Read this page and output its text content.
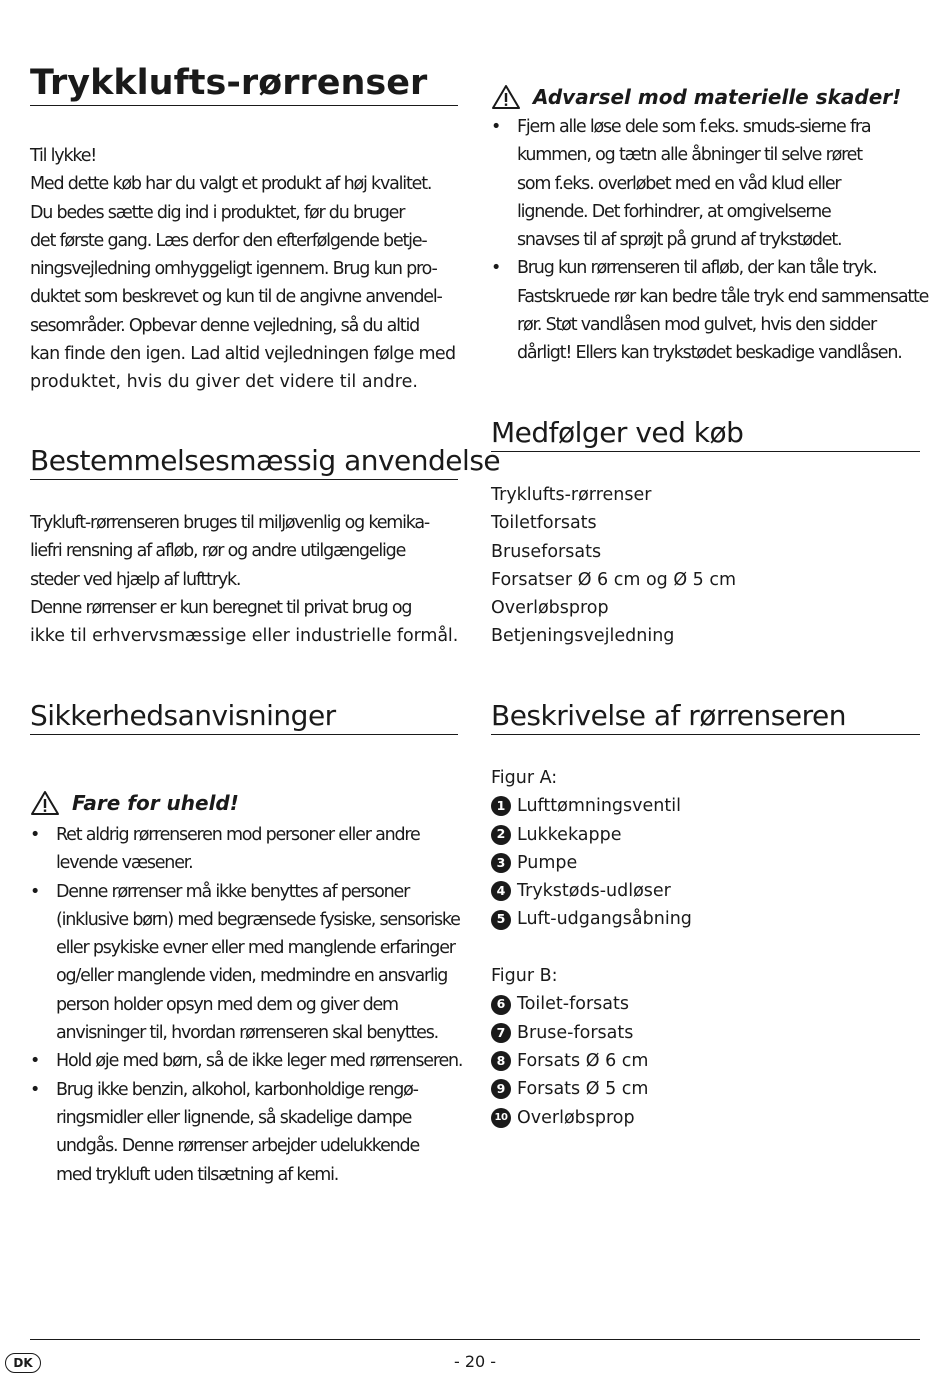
Trykklufts-rørrenser

Til lykke!

Med dette køb har du valgt et produkt af høj kvalitet.

Du bedes sætte dig ind i produktet, før du bruger

det første gang. Læs derfor den efterfølgende betje-

ningsvejledning omhyggeligt igennem. Brug kun pro-

duktet som beskrevet og kun til de angivne anvendel-

sesområder. Opbevar denne vejledning, så du altid

kan finde den igen. Lad altid vejledningen følge med

produktet, hvis du giver det videre til andre.

Bestemmelsesmæssig anvendelse

Trykluft-rørrenseren bruges til miljøvenlig og kemika-

liefri rensning af afløb, rør og andre utilgængelige

steder ved hjælp af lufttryk.

Denne rørrenser er kun beregnet til privat brug og

ikke til erhvervsmæssige eller industrielle formål.

Sikkerhedsanvisninger
Fare for uheld!
• Ret aldrig rørrenseren mod personer eller andre
levende væsener.
• Denne rørrenser må ikke benyttes af personer
(inklusive børn) med begrænsede fysiske, sensoriske
eller psykiske evner eller med manglende erfaringer
og/eller manglende viden, medmindre en ansvarlig
person holder opsyn med dem og giver dem
anvisninger til, hvordan rørrenseren skal benyttes.
• Hold øje med børn, så de ikke leger med rørrenseren.
• Brug ikke benzin, alkohol, karbonholdige rengø-
ringsmidler eller lignende, så skadelige dampe
undgås. Denne rørrenser arbejder udelukkende
med trykluft uden tilsætning af kemi.
Advarsel mod materielle skader!
• Fjern alle løse dele som f.eks. smuds-sierne fra
kummen, og tætn alle åbninger til selve røret
som f.eks. overløbet med en våd klud eller
lignende. Det forhindrer, at omgivelserne
snavses til af sprøjt på grund af trykstødet.
• Brug kun rørrenseren til afløb, der kan tåle tryk.
Fastskruede rør kan bedre tåle tryk end sammensatte
rør. Støt vandlåsen mod gulvet, hvis den sidder
dårligt! Ellers kan trykstødet beskadige vandlåsen.
Medfølger ved køb
Tryklufts-rørrenser
Toiletforsats
Bruseforsats
Forsatser Ø 6 cm og Ø 5 cm
Overløbsprop
Betjeningsvejledning
Beskrivelse af rørrenseren

Figur A:

1 Lufttømningsventil
2 Lukkekappe
3 Pumpe
4 Trykstøds-udløser
5 Luft-udgangsåbning

Figur B:

6 Toilet-forsats
7 Bruse-forsats
8 Forsats Ø 6 cm
9 Forsats Ø 5 cm
10 Overløbsprop
DK	- 20 -
